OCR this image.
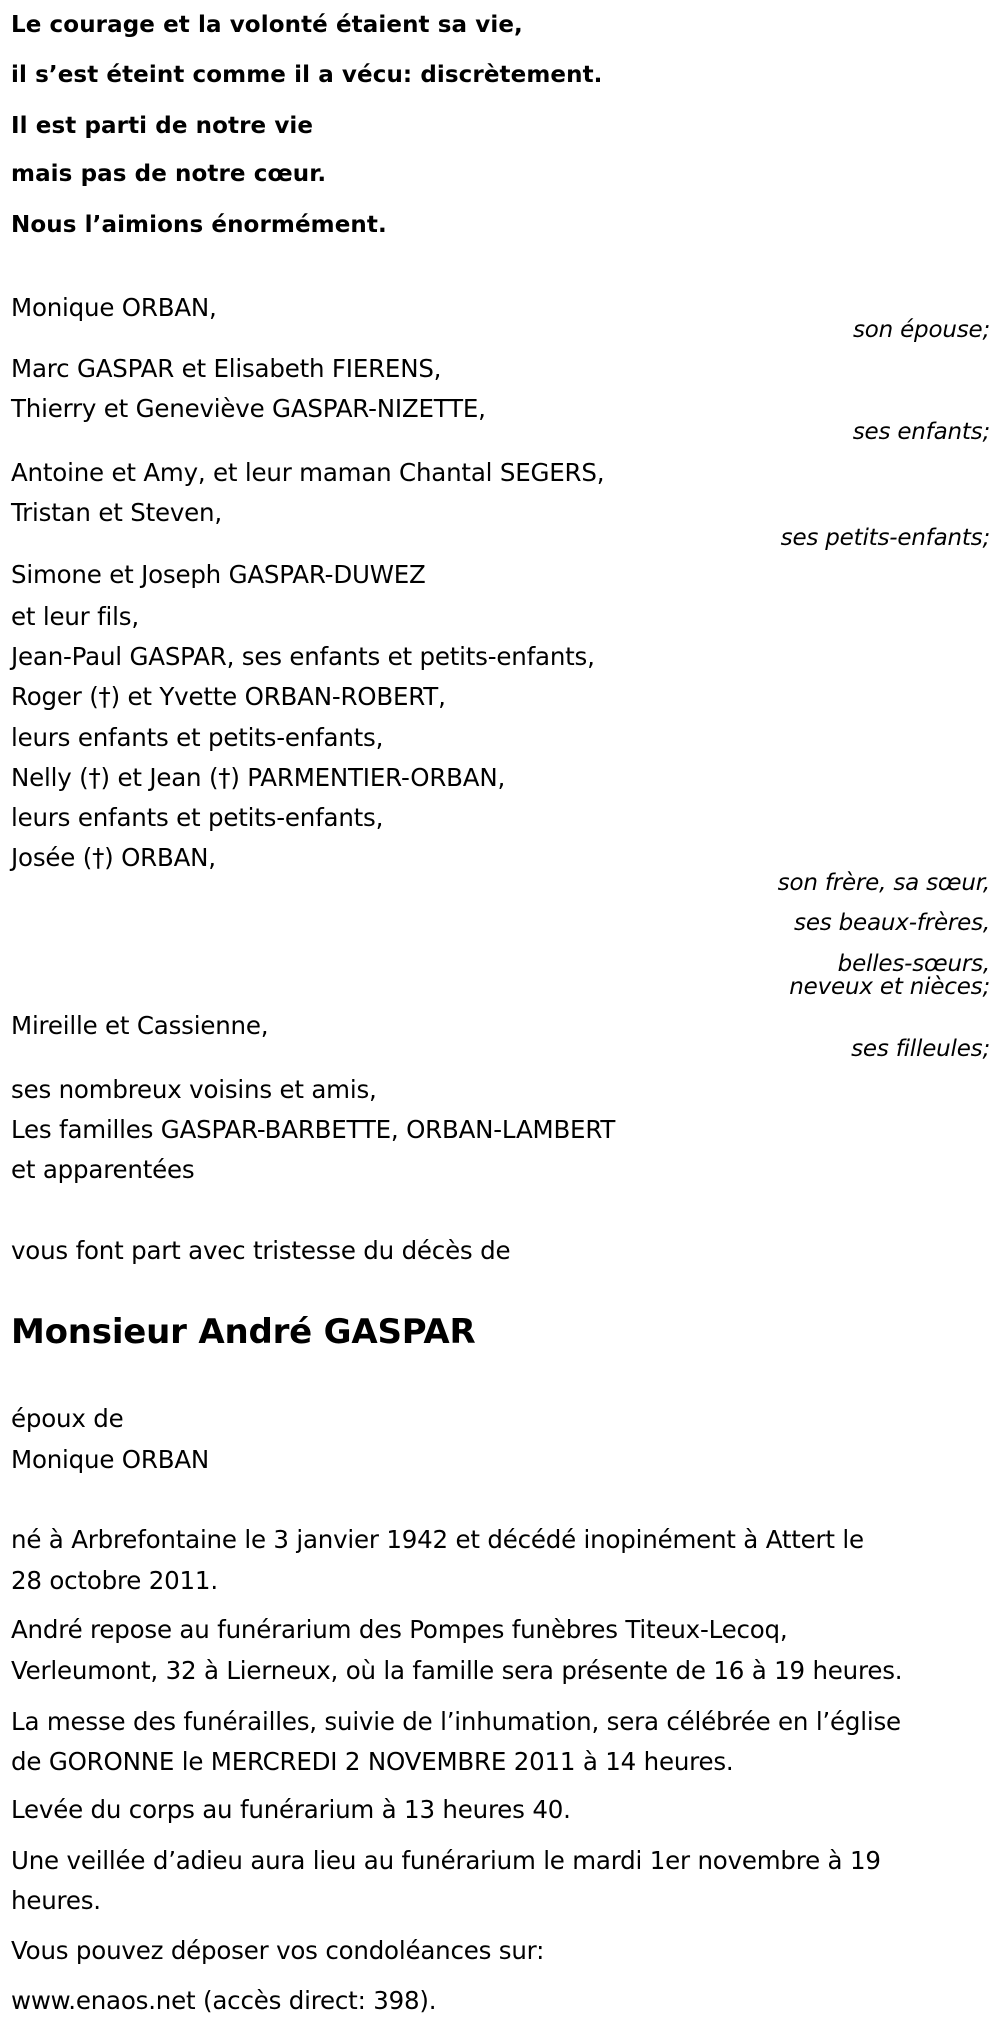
Le courage et la volonté étaient sa vie,
il s’est éteint comme il a vécu: discrètement.
Il est parti de notre vie
mais pas de notre cœur.
Nous l’aimions énormément.
Monique ORBAN,
son épouse;
Marc GASPAR et Elisabeth FIERENS,
Thierry et Geneviève GASPAR-NIZETTE,
ses enfants;
Antoine et Amy, et leur maman Chantal SEGERS,
Tristan et Steven,
ses petits-enfants;
Simone et Joseph GASPAR-DUWEZ
et leur fils,
Jean-Paul GASPAR, ses enfants et petits-enfants,
Roger (†) et Yvette ORBAN-ROBERT,
leurs enfants et petits-enfants,
Nelly (†) et Jean (†) PARMENTIER-ORBAN,
leurs enfants et petits-enfants,
Josée (†) ORBAN,
son frère, sa sœur,
ses beaux-frères,
belles-sœurs,
neveux et nièces;
Mireille et Cassienne,
ses filleules;
ses nombreux voisins et amis,
Les familles GASPAR-BARBETTE, ORBAN-LAMBERT
et apparentées
vous font part avec tristesse du décès de
Monsieur André GASPAR
époux de
Monique ORBAN
né à Arbrefontaine le 3 janvier 1942 et décédé inopinément à Attert le
28 octobre 2011.
André repose au funérarium des Pompes funèbres Titeux-Lecoq,
Verleumont, 32 à Lierneux, où la famille sera présente de 16 à 19 heures.
La messe des funérailles, suivie de l’inhumation, sera célébrée en l’église
de GORONNE le MERCREDI 2 NOVEMBRE 2011 à 14 heures.
Levée du corps au funérarium à 13 heures 40.
Une veillée d’adieu aura lieu au funérarium le mardi 1er novembre à 19
heures.
Vous pouvez déposer vos condoléances sur:
www.enaos.net (accès direct: 398).
